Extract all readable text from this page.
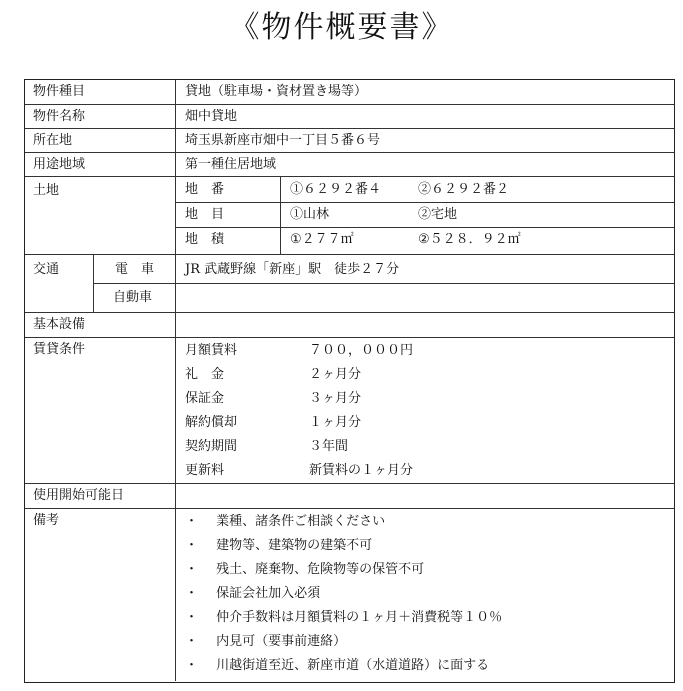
《物件概要書》
物件種目	貸地（駐車場・資材置き場等）
物件名称	畑中貸地
所在地	埼玉県新座市畑中一丁目５番６号
用途地域	第一種住居地域
土地	地　番	①６２９２番４	②６２９２番２
地　目	①山林	②宅地
地　積	①２７７㎡	②５２８．９２㎡
交通	電　車 JR 武蔵野線「新座」駅　徒歩２７分
自動車
基本設備
賃貸条件	月額賃料	７００，０００円
礼　金	２ヶ月分
保証金	３ヶ月分
解約償却	１ヶ月分
契約期間	３年間
更新料	新賃料の１ヶ月分
使用開始可能日
備考	・ 業種、諸条件ご相談ください
・ 建物等、建築物の建築不可
・ 残土、廃棄物、危険物等の保管不可
・ 保証会社加入必須
・ 仲介手数料は月額賃料の１ヶ月＋消費税等１０％
・ 内見可（要事前連絡）
・ 川越街道至近、新座市道（水道道路）に面する
